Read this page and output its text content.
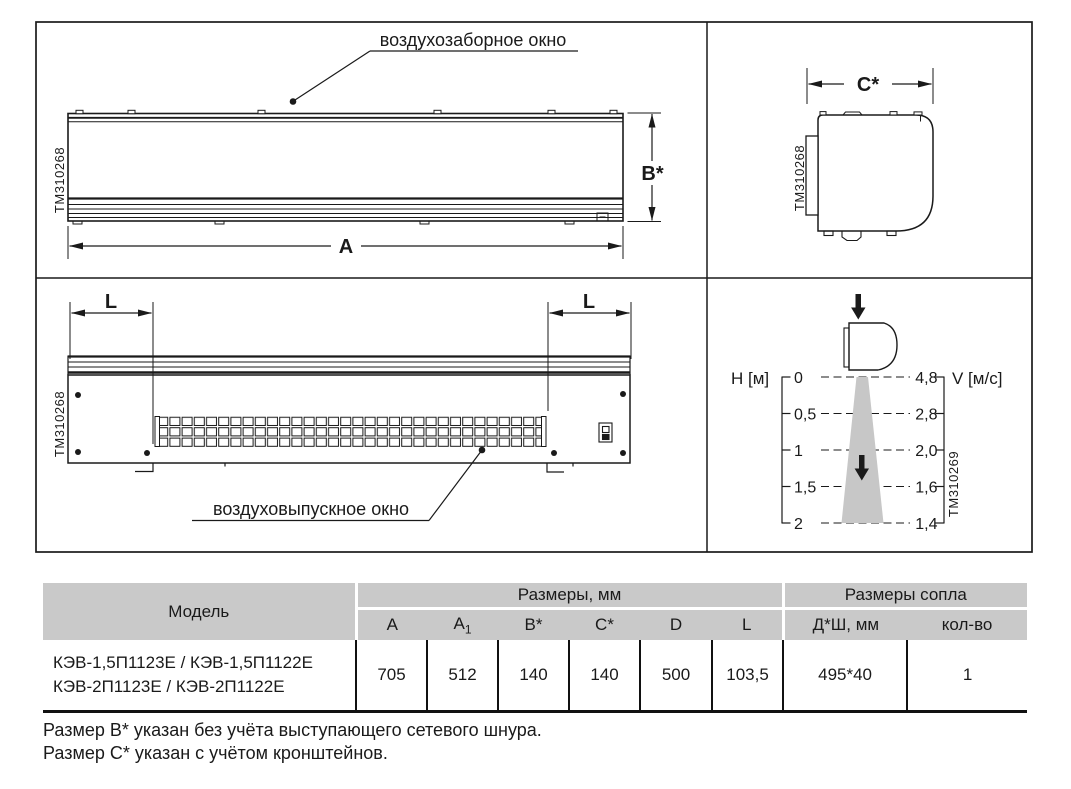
TM310268
воздухозаборное окно
B*
A
C*
TM310268
L	L
TM310268
воздуховыпускное окно
H [м] 0
0,5
1
1,5
2
4,8
2,8
2,0
1,6
1,4
V [м/с]
TM310269
Модель	Размеры, мм						Размеры сопла	
	A	$A_1$	B*	C*	D	L	Д*Ш, мм	кол-во

КЭВ-1,5П1123Е / КЭВ-1,5П1122Е
КЭВ-2П1123Е / КЭВ-2П1122Е	705	512	140	140	500	103,5	495*40	1
Размер B* указан без учёта выступающего сетевого шнура.
Размер C* указан с учётом кронштейнов.
